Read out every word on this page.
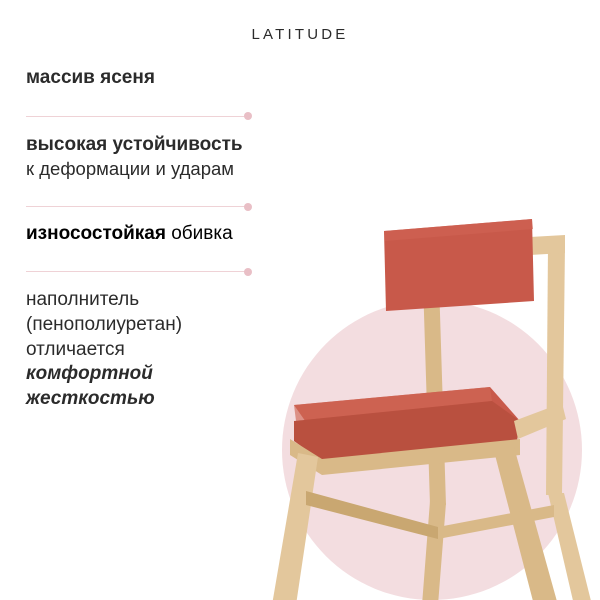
LATITUDE
массив ясеня
высокая устойчивость
к деформации и ударам
износостойкая обивка
наполнитель
(пенополиуретан)
отличается
комфортной
жесткостью
